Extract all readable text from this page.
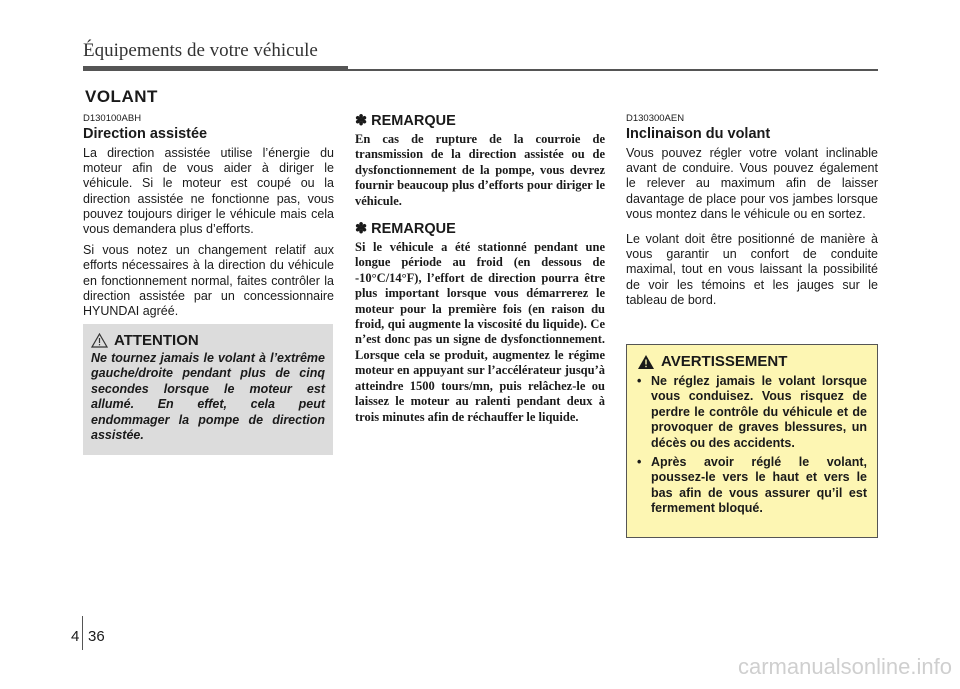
Équipements de votre véhicule
VOLANT

D130100ABH

Direction assistée

La direction assistée utilise l’énergie du moteur afin de vous aider à diriger le véhicule. Si le moteur est coupé ou la direction assistée ne fonctionne pas, vous pouvez toujours diriger le véhicule mais cela vous demandera plus d’efforts.

Si vous notez un changement relatif aux efforts nécessaires à la direction du véhicule en fonctionnement normal, faites contrôler la direction assistée par un concessionnaire HYUNDAI agréé.

ATTENTION

Ne tournez jamais le volant à l’extrême gauche/droite pendant plus de cinq secondes lorsque le moteur est allumé. En effet, cela peut endommager la pompe de direction assistée.

✽ REMARQUE

En cas de rupture de la courroie de transmission de la direction assistée ou de dysfonctionnement de la pompe, vous devrez fournir beaucoup plus d’efforts pour diriger le véhicule.

✽ REMARQUE

Si le véhicule a été stationné pendant une longue période au froid (en dessous de -10°C/14°F), l’effort de direction pourra être plus important lorsque vous démarrerez le moteur pour la première fois (en raison du froid, qui augmente la viscosité du liquide). Ce n’est donc pas un signe de dysfonctionnement. Lorsque cela se produit, augmentez le régime moteur en appuyant sur l’accélérateur jusqu’à atteindre 1500 tours/mn, puis relâchez-le ou laissez le moteur au ralenti pendant deux à trois minutes afin de réchauffer le liquide.

D130300AEN

Inclinaison du volant

Vous pouvez régler votre volant inclinable avant de conduire. Vous pouvez également le relever au maximum afin de laisser davantage de place pour vos jambes lorsque vous montez dans le véhicule ou en sortez.

Le volant doit être positionné de manière à vous garantir un confort de conduite maximal, tout en vous laissant la possibilité de voir les témoins et les jauges sur le tableau de bord.

AVERTISSEMENT
• Ne réglez jamais le volant lorsque vous conduisez. Vous risquez de perdre le contrôle du véhicule et de provoquer de graves blessures, un décès ou des accidents.
• Après avoir réglé le volant, poussez-le vers le haut et vers le bas afin de vous assurer qu’il est fermement bloqué.
4 36
carmanualsonline.info
